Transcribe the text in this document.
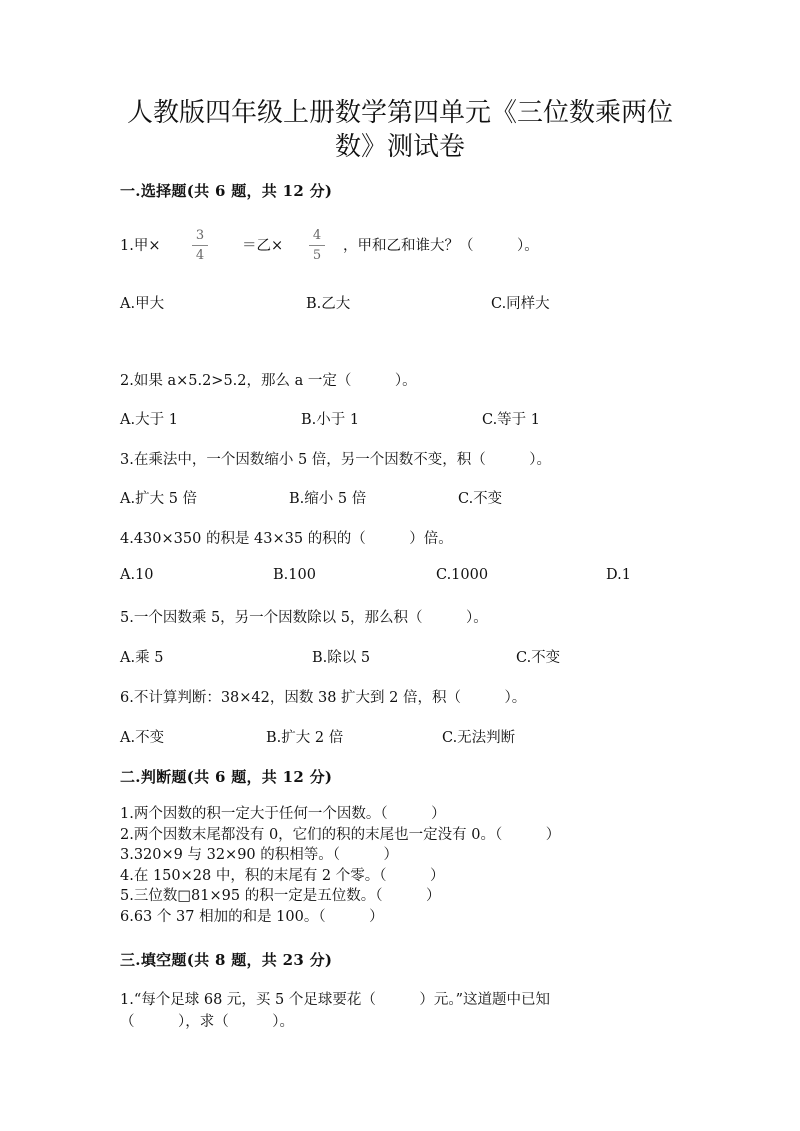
人教版四年级上册数学第四单元《三位数乘两位
数》测试卷
一.选择题(共 6 题，共 12 分)
1.甲×
3
4
＝乙×
4
5
，甲和乙和谁大？（　　　）。
A.甲大	B.乙大	C.同样大
2.如果 a×5.2>5.2，那么 a 一定（　　　）。
A.大于 1	B.小于 1	C.等于 1
3.在乘法中，一个因数缩小 5 倍，另一个因数不变，积（　　　）。
A.扩大 5 倍	B.缩小 5 倍	C.不变
4.430×350 的积是 43×35 的积的（　　　）倍。
A.10	B.100	C.1000	D.1
5.一个因数乘 5，另一个因数除以 5，那么积（　　　）。
A.乘 5	B.除以 5	C.不变
6.不计算判断：38×42，因数 38 扩大到 2 倍，积（　　　）。
A.不变	B.扩大 2 倍	C.无法判断
二.判断题(共 6 题，共 12 分)
1.两个因数的积一定大于任何一个因数。（　　　）
2.两个因数末尾都没有 0，它们的积的末尾也一定没有 0。（　　　）
3.320×9 与 32×90 的积相等。（　　　）
4.在 150×28 中，积的末尾有 2 个零。（　　　）
5.三位数□81×95 的积一定是五位数。（　　　）
6.63 个 37 相加的和是 100。（　　　）
三.填空题(共 8 题，共 23 分)
1.“每个足球 68 元，买 5 个足球要花（　　　）元。”这道题中已知
（　　　），求（　　　）。
